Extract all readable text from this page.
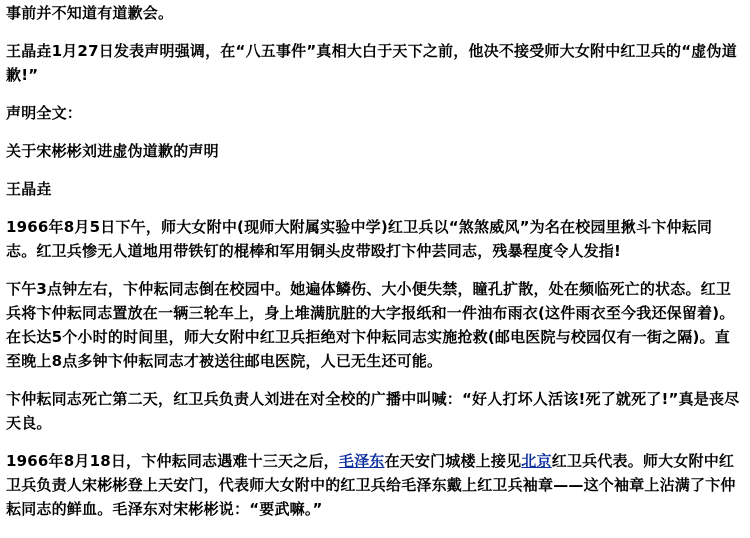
事前并不知道有道歉会。

王晶垚1月27日发表声明强调，在“八五事件”真相大白于天下之前，他决不接受师大女附中红卫兵的“虚伪道歉!”

声明全文：

关于宋彬彬刘进虚伪道歉的声明

王晶垚

1966年8月5日下午，师大女附中(现师大附属实验中学)红卫兵以“煞煞威风”为名在校园里揪斗卞仲耘同志。红卫兵惨无人道地用带铁钉的棍棒和军用铜头皮带殴打卞仲芸同志，残暴程度令人发指!

下午3点钟左右，卞仲耘同志倒在校园中。她遍体鳞伤、大小便失禁，瞳孔扩散，处在频临死亡的状态。红卫兵将卞仲耘同志置放在一辆三轮车上，身上堆满肮脏的大字报纸和一件油布雨衣(这件雨衣至今我还保留着)。在长达5个小时的时间里，师大女附中红卫兵拒绝对卞仲耘同志实施抢救(邮电医院与校园仅有一街之隔)。直至晚上8点多钟卞仲耘同志才被送往邮电医院，人已无生还可能。

卞仲耘同志死亡第二天，红卫兵负责人刘进在对全校的广播中叫喊：“好人打坏人活该!死了就死了!”真是丧尽天良。

1966年8月18日，卞仲耘同志遇难十三天之后，毛泽东在天安门城楼上接见北京红卫兵代表。师大女附中红卫兵负责人宋彬彬登上天安门，代表师大女附中的红卫兵给毛泽东戴上红卫兵袖章——这个袖章上沾满了卞仲耘同志的鲜血。毛泽东对宋彬彬说：“要武嘛。”
